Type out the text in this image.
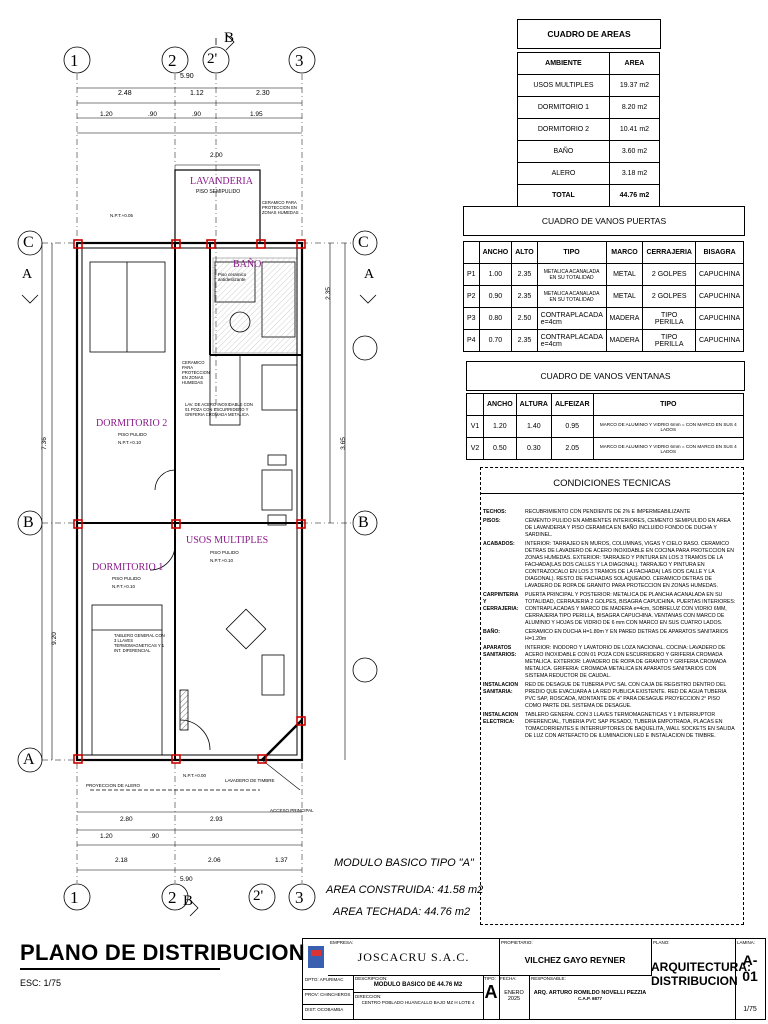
1	2 2'	3
1	2	2' 3
C
B
A
C
B
B
B
A	A
5.90
2.48	1.12	2.30
1.20	.90	.90	1.95
2.00
2.80	2.93
1.20	.90
2.18	2.06	1.37
5.90
7.36
9.20
2.35
3.65
LAVANDERIA
PISO SEMIPULIDO
BAÑO
Piso ceramico antideslizante
DORMITORIO 2
PISO PULIDO
N.P.T.+0.10
DORMITORIO 1
PISO PULIDO
N.P.T.+0.10
USOS MULTIPLES
PISO PULIDO
N.P.T.+0.10
CERAMICO PARA PROTECCION EN ZONAS HUMEDAS
CERAMICO PARA PROTECCION EN ZONAS HUMEDAS
LAV. DE ACERO INOXIDABLE CON 01 POZA CON ESCURRIDERO Y GRIFERIA CROMADA METALICA
TABLERO GENERAL CON 3 LLAVES TERMOMAGNETICAS Y 1 INT. DIFERENCIAL
PROYECCION DE ALERO
ACCESO PRINCIPAL
LAVADERO DE TIMBRE
N.P.T.+0.05
N.P.T.+0.00
MODULO BASICO TIPO "A"
AREA CONSTRUIDA: 41.58 m2
AREA TECHADA: 44.76 m2
CUADRO DE AREAS
AMBIENTE	AREA
USOS MULTIPLES	19.37 m2
DORMITORIO 1	8.20 m2
DORMITORIO 2	10.41 m2
BAÑO	3.60 m2
ALERO	3.18 m2
TOTAL	44.76 m2
CUADRO DE VANOS PUERTAS
	ANCHO	ALTO	TIPO	MARCO	CERRAJERIA	BISAGRA
P1	1.00	2.35	METALICA ACANALADA EN SU TOTALIDAD	METAL	2 GOLPES	CAPUCHINA
P2	0.90	2.35	METALICA ACANALADA EN SU TOTALIDAD	METAL	2 GOLPES	CAPUCHINA
P3	0.80	2.50	CONTRAPLACADA e=4cm	MADERA	TIPO PERILLA	CAPUCHINA
P4	0.70	2.35	CONTRAPLACADA e=4cm	MADERA	TIPO PERILLA	CAPUCHINA
CUADRO DE VANOS VENTANAS
	ANCHO	ALTURA	ALFEIZAR	TIPO
V1	1.20	1.40	0.95	MARCO DE ALUMINIO Y VIDRIO 6mm = CON MARCO EN SUS 4 LADOS
V2	0.50	0.30	2.05	MARCO DE ALUMINIO Y VIDRIO 6mm = CON MARCO EN SUS 4 LADOS
CONDICIONES TECNICAS
TECHOS:	RECUBRIMIENTO CON PENDIENTE DE 2% E IMPERMEABILIZANTE
PISOS:	CEMENTO PULIDO EN AMBIENTES INTERIORES, CEMENTO SEMIPULIDO EN AREA DE LAVANDERIA Y PISO CERAMICA EN BAÑO INCLUIDO FONDO DE DUCHA Y SARDINEL.
ACABADOS:	INTERIOR: TARRAJEO EN MUROS, COLUMNAS, VIGAS Y CIELO RASO. CERAMICO DETRAS DE LAVADERO DE ACERO INOXIDABLE EN COCINA PARA PROTECCION EN ZONAS HUMEDAS. EXTERIOR: TARRAJEO Y PINTURA EN LOS 3 TRAMOS DE LA FACHADA(LAS DOS CALLES Y LA DIAGONAL). TARRAJEO Y PINTURA EN CONTRAZOCALO EN LOS 3 TRAMOS DE LA FACHADA( LAS DOS CALLE Y LA DIAGONAL). RESTO DE FACHADAS SOLAQUEADO. CERAMICO DETRAS DE LAVADERO DE ROPA DE GRANITO PARA PROTECCION EN ZONAS HUMEDAS.
CARPINTERIA Y CERRAJERIA:	PUERTA PRINCIPAL Y POSTERIOR: METALICA DE PLANCHA ACANALADA EN SU TOTALIDAD, CERRAJERIA 2 GOLPES, BISAGRA CAPUCHINA. PUERTAS INTERIORES: CONTRAPLACADAS Y MARCO DE MADERA e=4cm, SOBRELUZ CON VIDRIO 6MM, CERRAJERIA TIPO PERILLA, BISAGRA CAPUCHINA. VENTANAS CON MARCO DE ALUMINIO Y HOJAS DE VIDRIO DE 6 mm CON MARCO EN SUS CUATRO LADOS.
BAÑO:	CERAMICO EN DUCHA H=1.80m Y EN PARED DETRAS DE APARATOS SANITARIOS H=1.20m
APARATOS SANITARIOS:	INTERIOR: INODORO Y LAVATORIO DE LOZA NACIONAL. COCINA: LAVADERO DE ACERO INOXIDABLE CON 01 POZA CON ESCURRIDERO Y GRIFERIA CROMADA METALICA. EXTERIOR: LAVADERO DE ROPA DE GRANITO Y GRIFERIA CROMADA METALICA. GRIFERIA: CROMADA METALICA EN APARATOS SANITARIOS CON SISTEMA REDUCTOR DE CAUDAL.
INSTALACION SANITARIA:	RED DE DESAGUE DE TUBERIA PVC SAL CON CAJA DE REGISTRO DENTRO DEL PREDIO QUE EVACUARA A LA RED PUBLICA EXISTENTE. RED DE AGUA TUBERIA PVC SAP, ROSCADA, MONTANTE DE 4" PARA DESAGUE PROYECCION 2° PISO COMO PARTE DEL SISTEMA DE DESAGUE.
INSTALACION ELECTRICA:	TABLERO GENERAL CON 3 LLAVES TERMOMAGNETICAS Y 1 INTERRUPTOR DIFERENCIAL, TUBERIA PVC SAP PESADO, TUBERIA EMPOTRADA, PLACAS EN TOMACORRIENTES E INTERRUPTORES DE BAQUELITA, WALL SOCKETS EN SALIDA DE LUZ CON ARTEFACTO DE ILUMINACION LED E INSTALACION DE TIMBRE.
PLANO DE DISTRIBUCION
ESC: 1/75
EMPRESA:
JOSCACRU S.A.C.
PROPIETARIO:
VILCHEZ GAYO REYNER
PLANO:
ARQUITECTURA:
DISTRIBUCION
LAMINA:
A-01
1/75
DPTO: APURIMAC
PROV: CHINCHEROS
DIST: OCOBAMBA
DESCRIPCION:
MODULO BASICO DE 44.76 M2
DIRECCION:
CENTRO POBLADO HUANCALLO BAJO MZ H LOTE 4
TIPO:
A
FECHA:
ENERO 2025
RESPONSABLE:
ARQ. ARTURO ROMILDO NOVELLI PEZZIA
C.A.P. 6877
